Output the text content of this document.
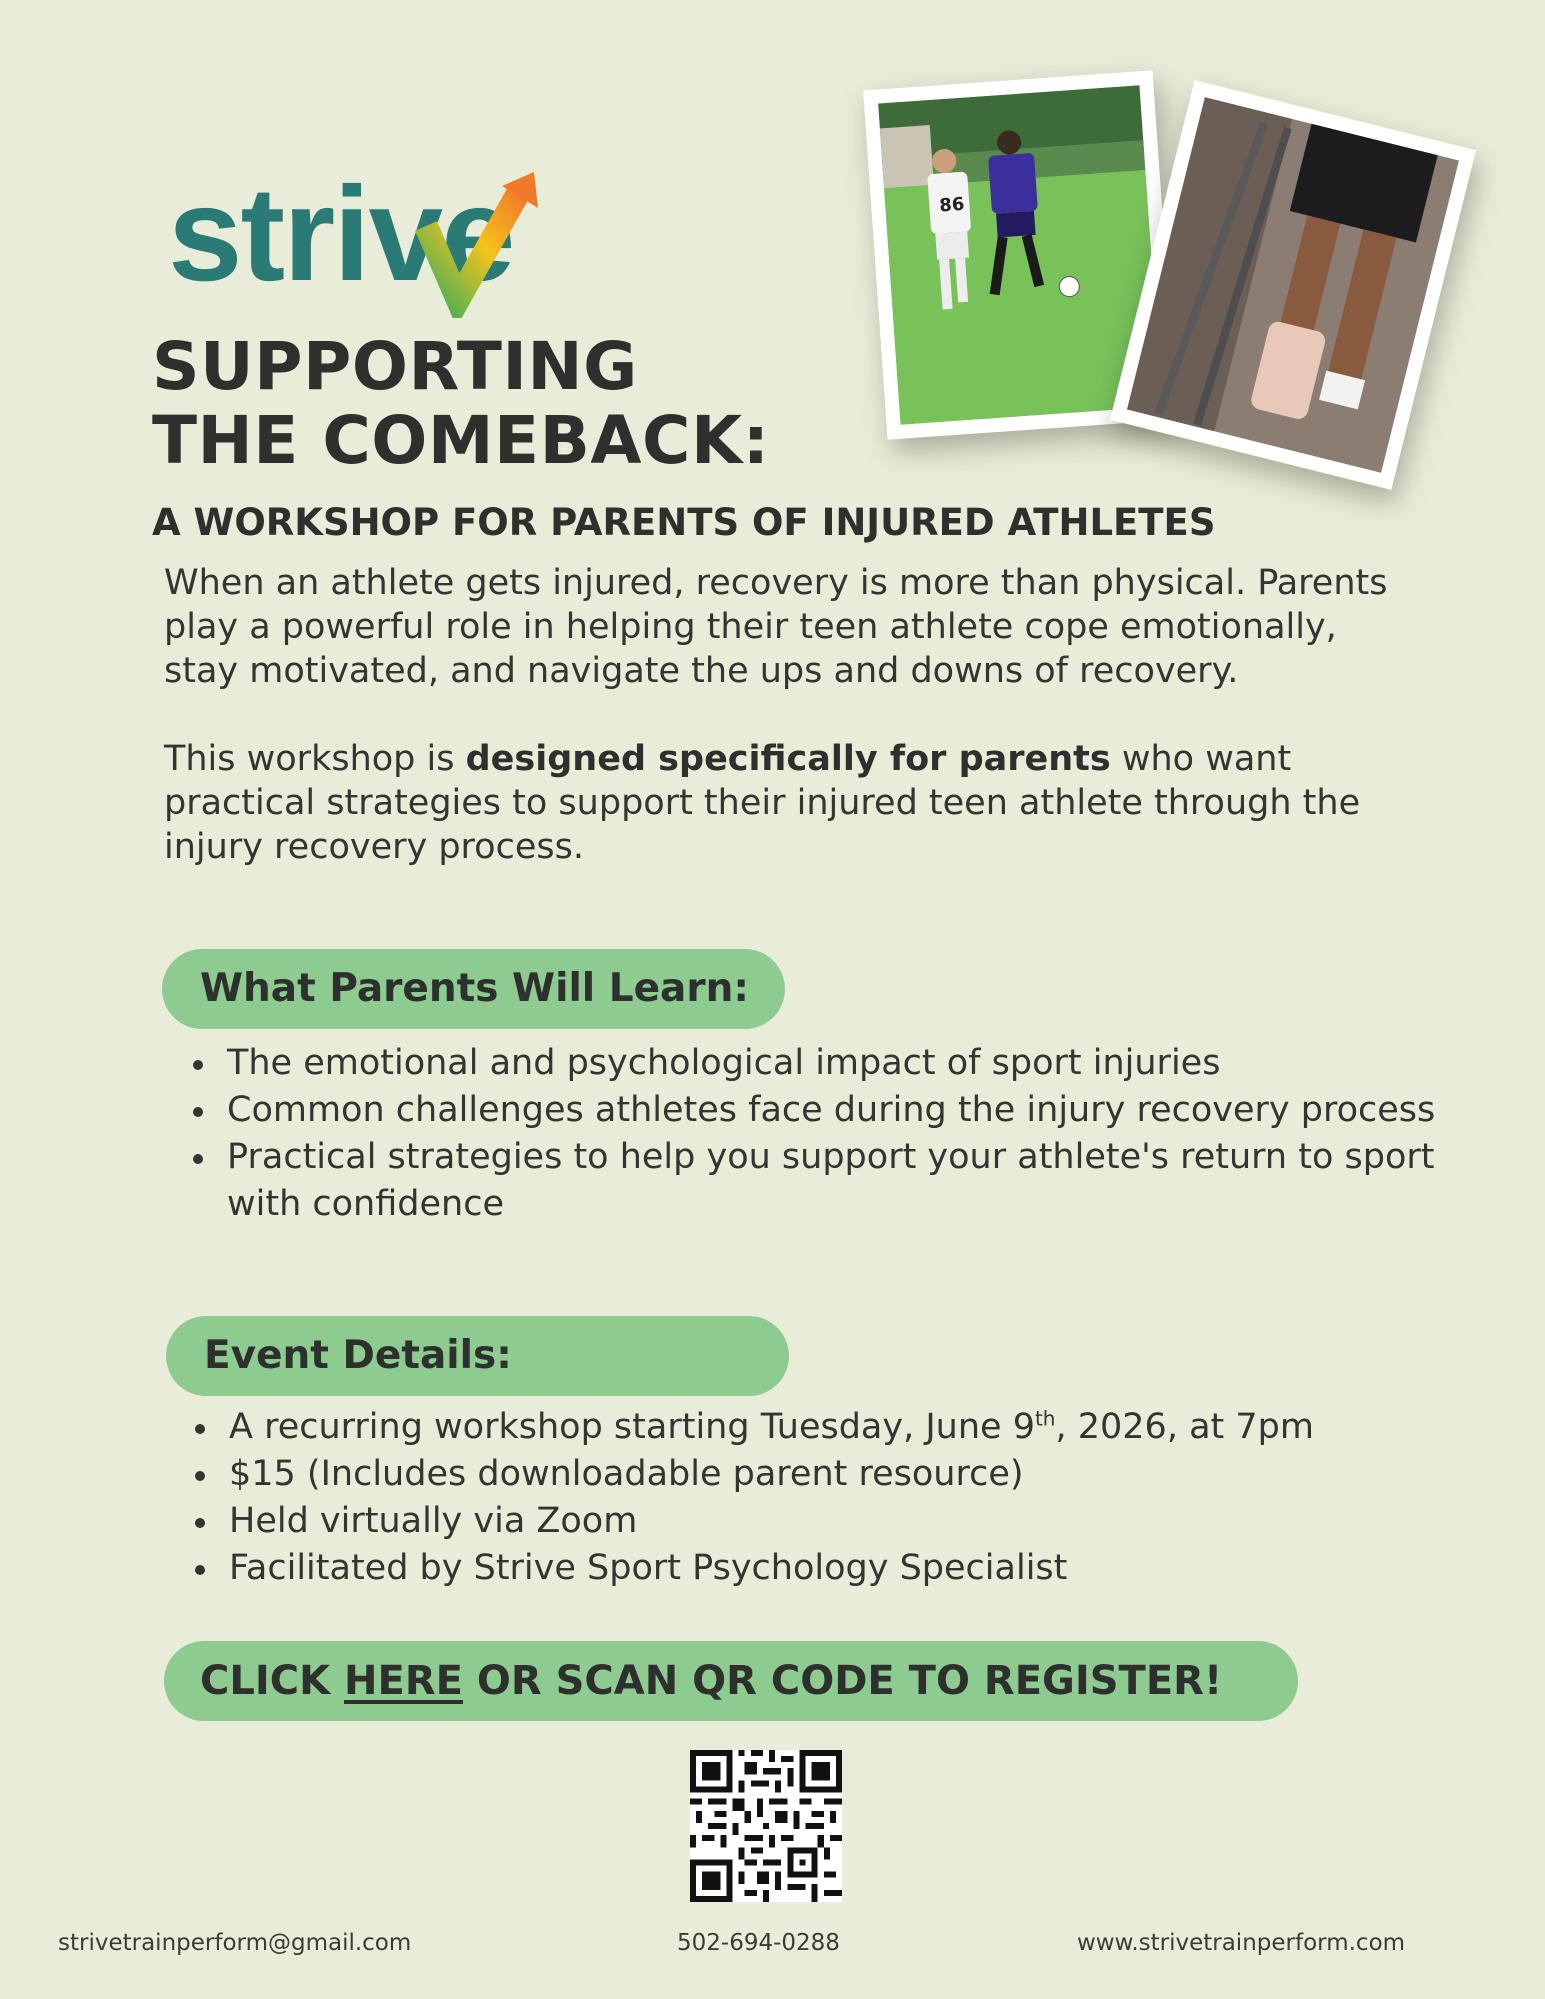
strive
SUPPORTING
THE COMEBACK:
A WORKSHOP FOR PARENTS OF INJURED ATHLETES
86

When an athlete gets injured, recovery is more than physical. Parents play a powerful role in helping their teen athlete cope emotionally, stay motivated, and navigate the ups and downs of recovery.

This workshop is designed specifically for parents who want practical strategies to support their injured teen athlete through the injury recovery process.

What Parents Will Learn:
The emotional and psychological impact of sport injuries
Common challenges athletes face during the injury recovery process
Practical strategies to help you support your athlete's return to sport with confidence
Event Details:
A recurring workshop starting Tuesday, June 9th, 2026, at 7pm
$15 (Includes downloadable parent resource)
Held virtually via Zoom
Facilitated by Strive Sport Psychology Specialist
CLICK HERE OR SCAN QR CODE TO REGISTER!
strivetrainperform@gmail.com	502-694-0288	www.strivetrainperform.com
